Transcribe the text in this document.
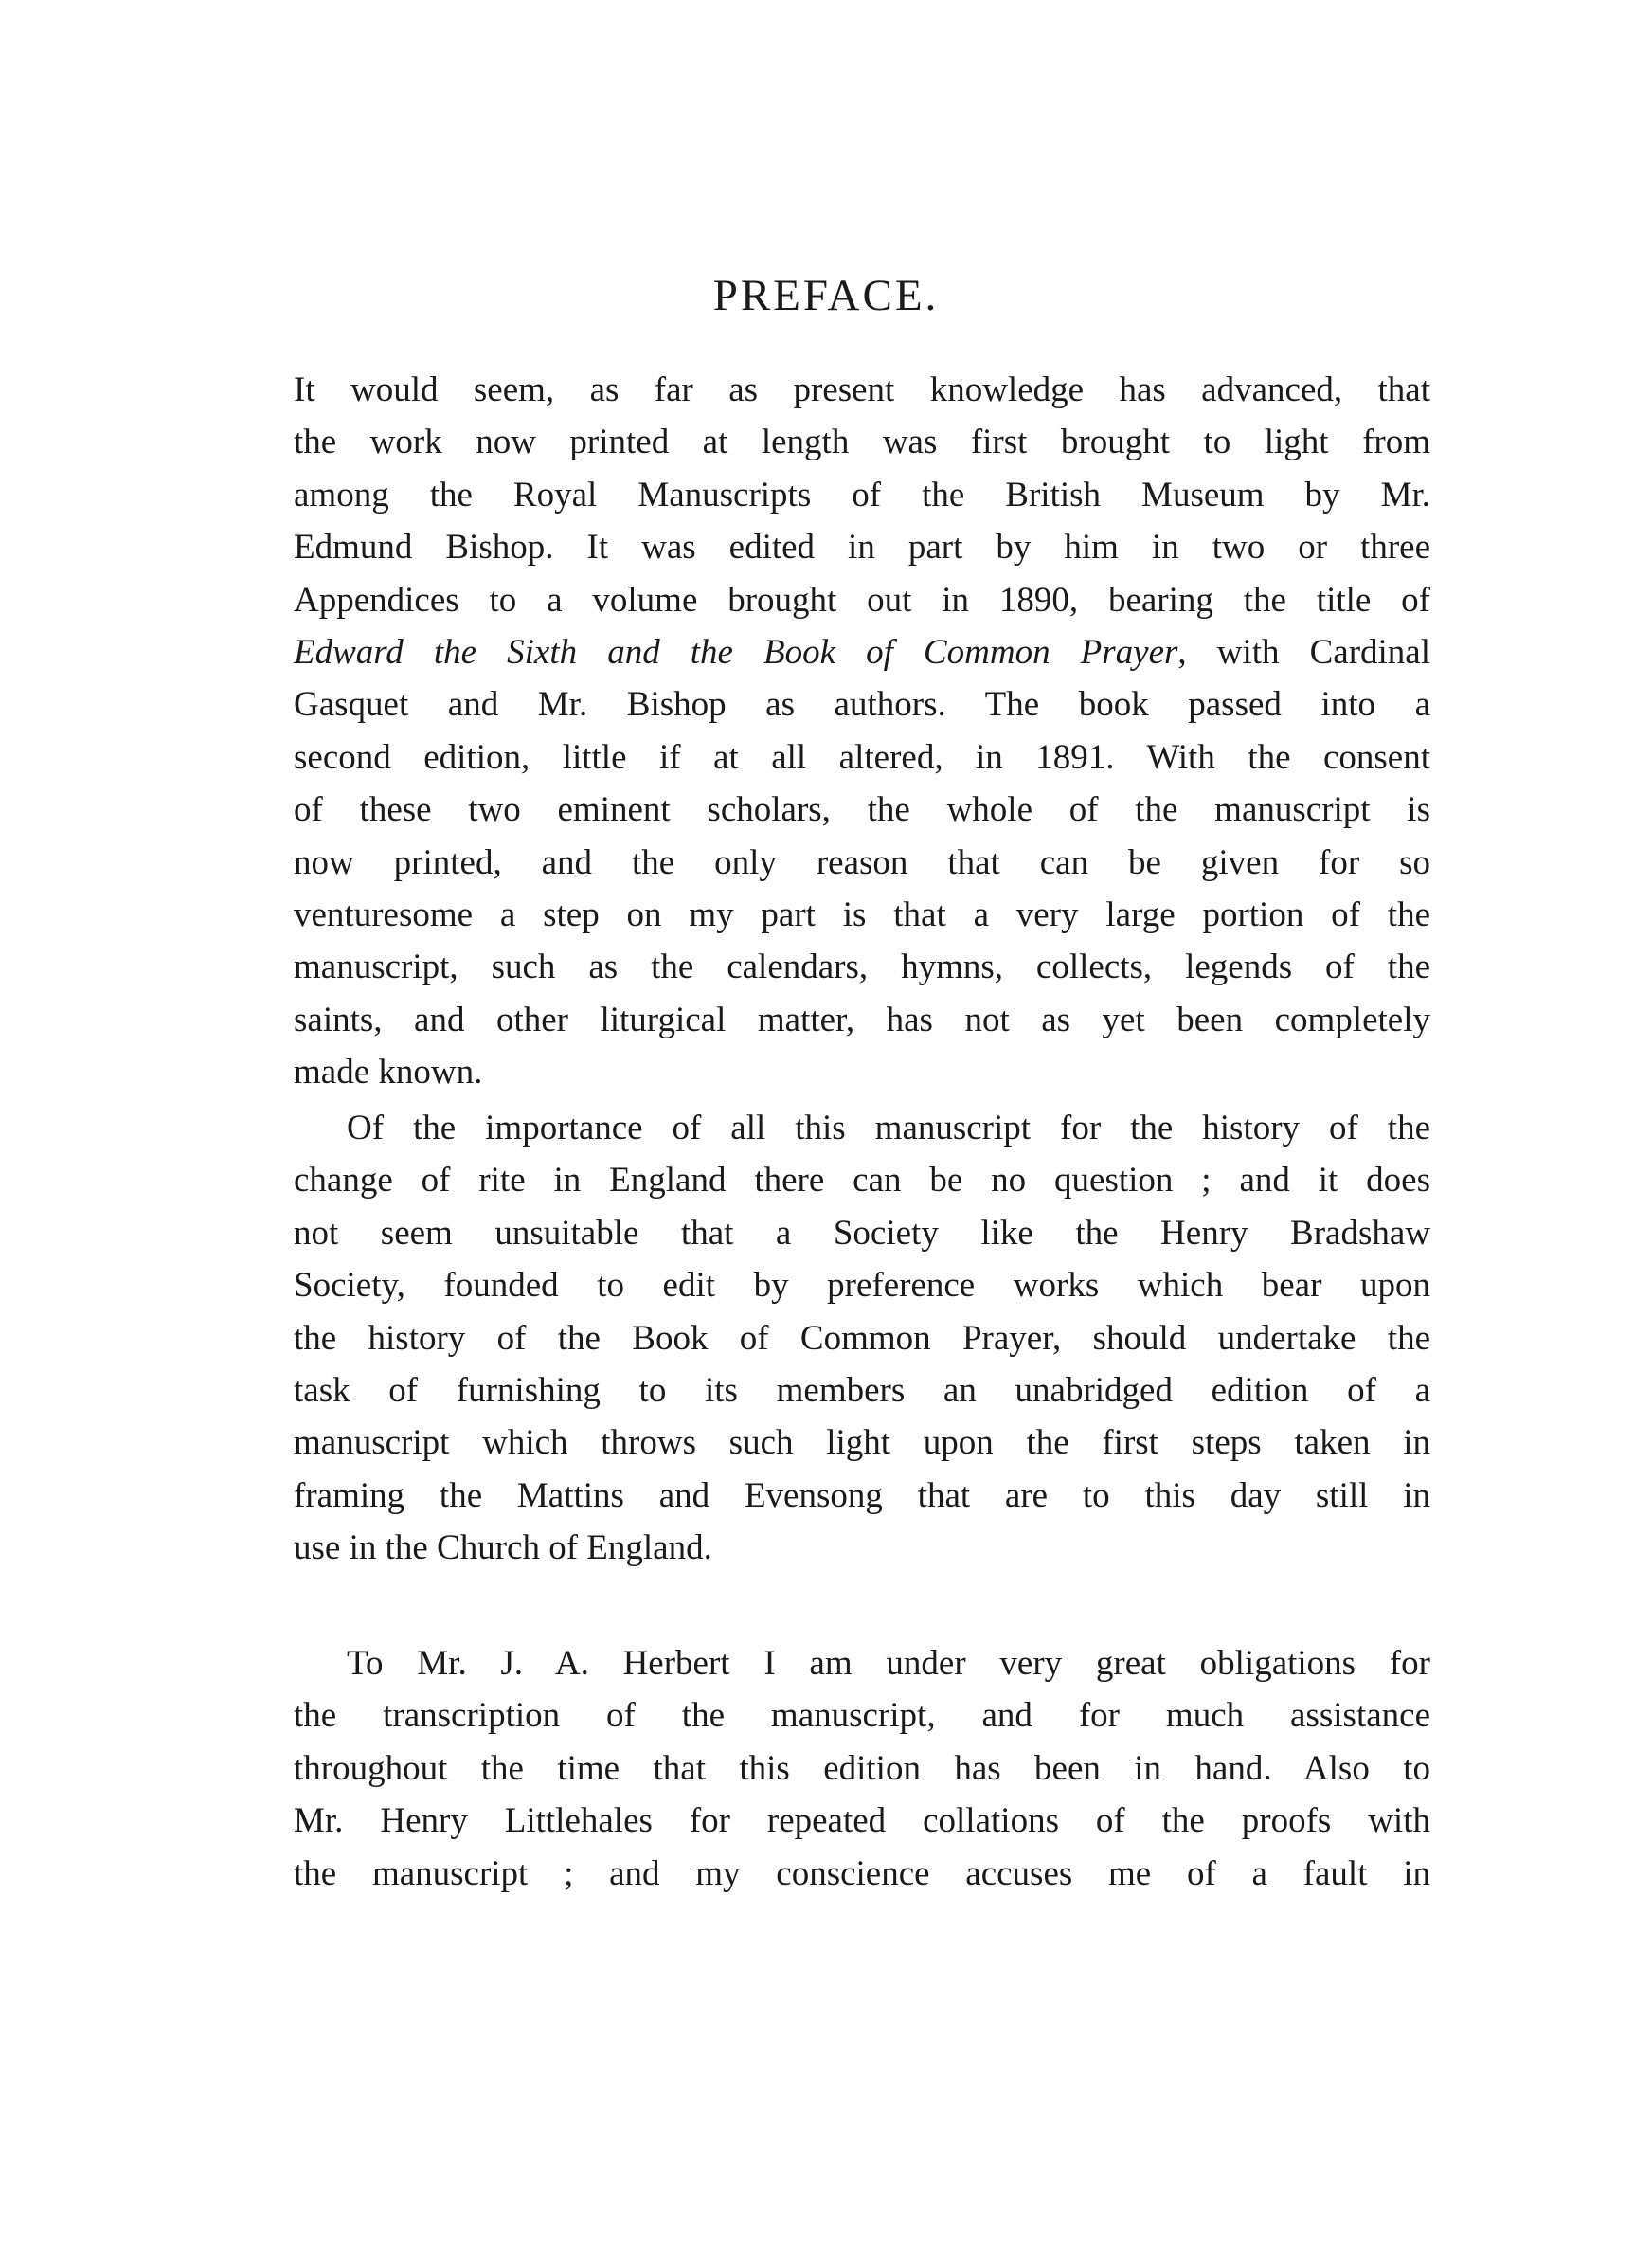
PREFACE.
It would seem, as far as present knowledge has advanced, that
the work now printed at length was first brought to light from
among the Royal Manuscripts of the British Museum by Mr.
Edmund Bishop. It was edited in part by him in two or three
Appendices to a volume brought out in 1890, bearing the title of
Edward the Sixth and the Book of Common Prayer, with Cardinal
Gasquet and Mr. Bishop as authors. The book passed into a
second edition, little if at all altered, in 1891. With the consent
of these two eminent scholars, the whole of the manuscript is
now printed, and the only reason that can be given for so
venturesome a step on my part is that a very large portion of the
manuscript, such as the calendars, hymns, collects, legends of the
saints, and other liturgical matter, has not as yet been completely
made known.
Of the importance of all this manuscript for the history of the
change of rite in England there can be no question ; and it does
not seem unsuitable that a Society like the Henry Bradshaw
Society, founded to edit by preference works which bear upon
the history of the Book of Common Prayer, should undertake the
task of furnishing to its members an unabridged edition of a
manuscript which throws such light upon the first steps taken in
framing the Mattins and Evensong that are to this day still in
use in the Church of England.
To Mr. J. A. Herbert I am under very great obligations for
the transcription of the manuscript, and for much assistance
throughout the time that this edition has been in hand. Also to
Mr. Henry Littlehales for repeated collations of the proofs with
the manuscript ; and my conscience accuses me of a fault in
